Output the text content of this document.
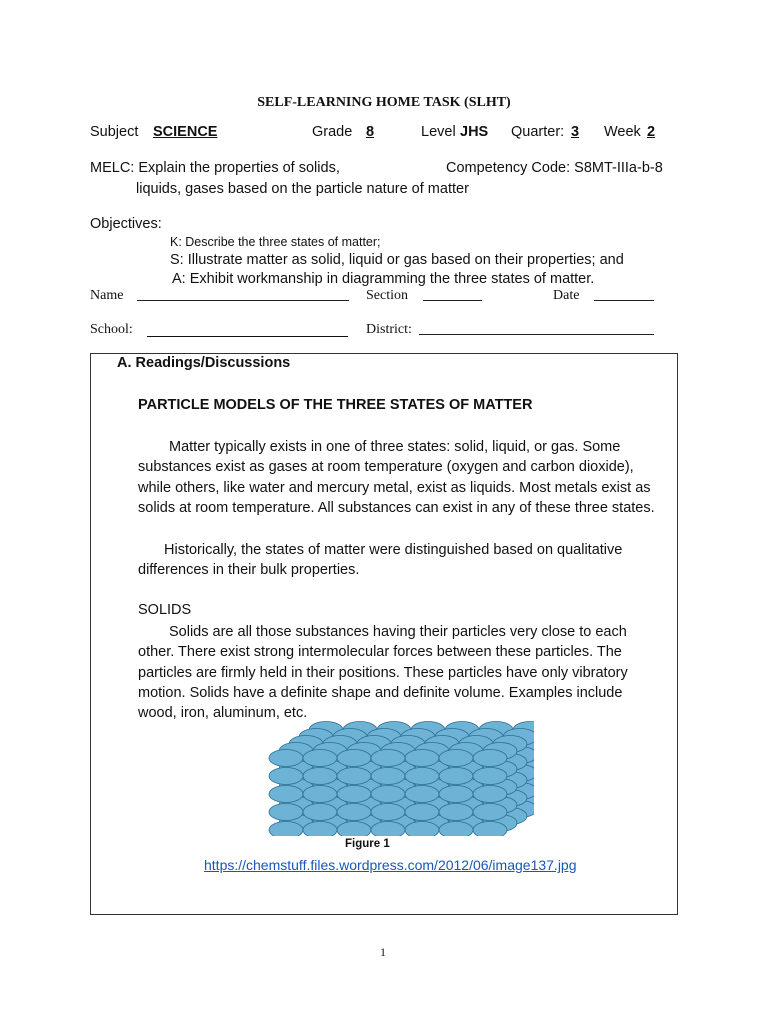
SELF-LEARNING HOME TASK (SLHT)
Subject SCIENCE	Grade 8	Level JHS Quarter: 3 Week 2
MELC: Explain the properties of solids,	Competency Code: S8MT-IIIa-b-8
liquids, gases based on the particle nature of matter
Objectives:
K: Describe the three states of matter;
S: Illustrate matter as solid, liquid or gas based on their properties; and
A: Exhibit workmanship in diagramming the three states of matter.
Name	Section	Date
School:	District:
A. Readings/Discussions
PARTICLE MODELS OF THE THREE STATES OF MATTER

Matter typically exists in one of three states: solid, liquid, or gas. Some substances exist as gases at room temperature (oxygen and carbon dioxide), while others, like water and mercury metal, exist as liquids. Most metals exist as solids at room temperature. All substances can exist in any of these three states.

Historically, the states of matter were distinguished based on qualitative differences in their bulk properties.

SOLIDS

Solids are all those substances having their particles very close to each other. There exist strong intermolecular forces between these particles. The particles are firmly held in their positions. These particles have only vibratory motion. Solids have a definite shape and definite volume. Examples include wood, iron, aluminum, etc.

Figure 1
https://chemstuff.files.wordpress.com/2012/06/image137.jpg
1
